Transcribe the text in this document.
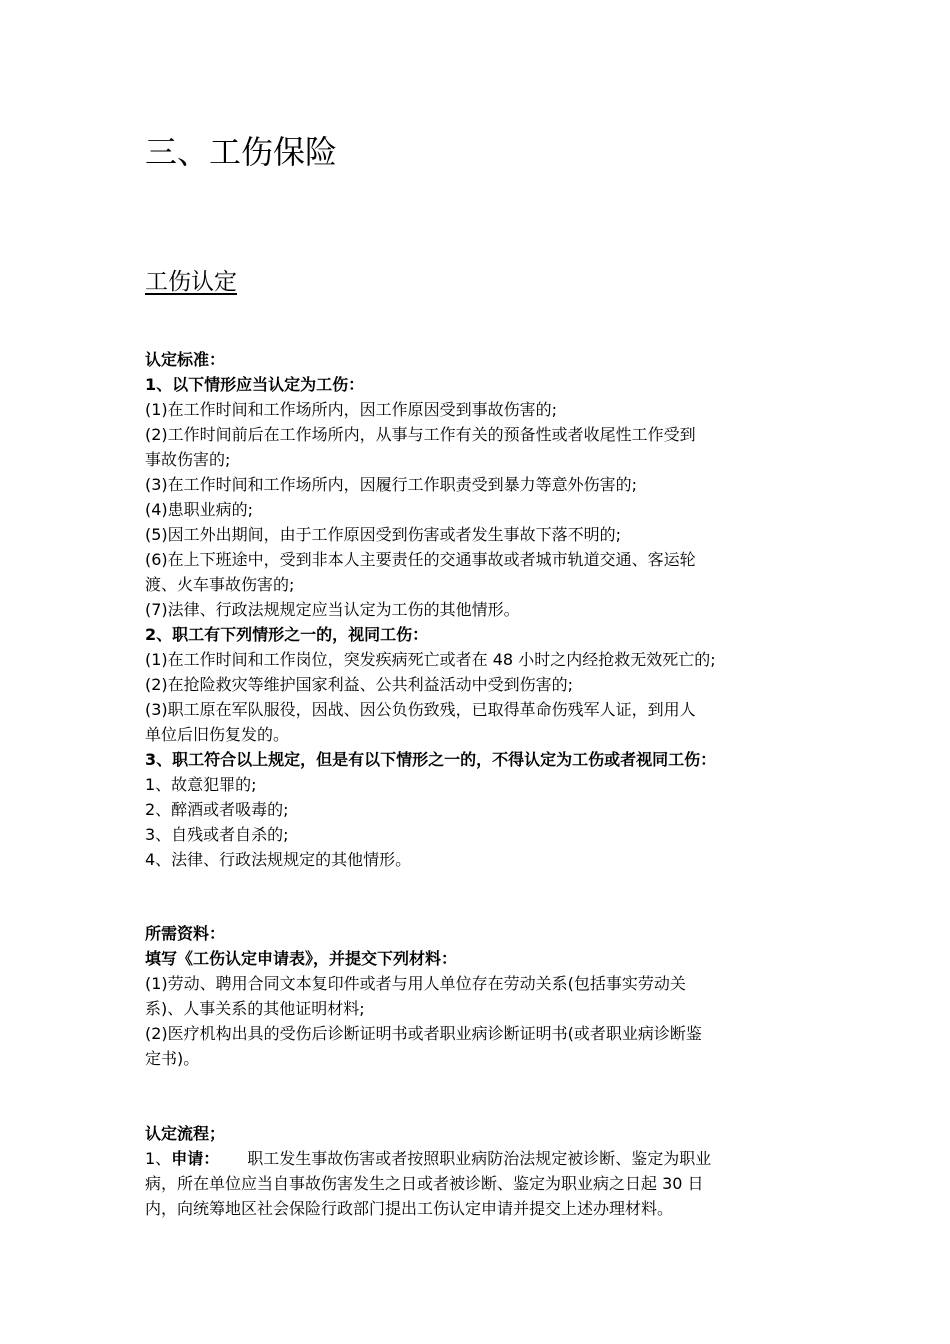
三、工伤保险
工伤认定
认定标准：
1、以下情形应当认定为工伤：
(1)在工作时间和工作场所内，因工作原因受到事故伤害的;
(2)工作时间前后在工作场所内，从事与工作有关的预备性或者收尾性工作受到
事故伤害的;
(3)在工作时间和工作场所内，因履行工作职责受到暴力等意外伤害的;
(4)患职业病的;
(5)因工外出期间，由于工作原因受到伤害或者发生事故下落不明的;
(6)在上下班途中，受到非本人主要责任的交通事故或者城市轨道交通、客运轮
渡、火车事故伤害的;
(7)法律、行政法规规定应当认定为工伤的其他情形。
2、职工有下列情形之一的，视同工伤：
(1)在工作时间和工作岗位，突发疾病死亡或者在 48 小时之内经抢救无效死亡的;
(2)在抢险救灾等维护国家利益、公共利益活动中受到伤害的;
(3)职工原在军队服役，因战、因公负伤致残，已取得革命伤残军人证，到用人
单位后旧伤复发的。
3、职工符合以上规定，但是有以下情形之一的，不得认定为工伤或者视同工伤：
1、故意犯罪的;
2、醉酒或者吸毒的;
3、自残或者自杀的;
4、法律、行政法规规定的其他情形。
所需资料：
填写《工伤认定申请表》，并提交下列材料：
(1)劳动、聘用合同文本复印件或者与用人单位存在劳动关系(包括事实劳动关
系)、人事关系的其他证明材料;
(2)医疗机构出具的受伤后诊断证明书或者职业病诊断证明书(或者职业病诊断鉴
定书)。
认定流程；
1、申请： 职工发生事故伤害或者按照职业病防治法规定被诊断、鉴定为职业
病，所在单位应当自事故伤害发生之日或者被诊断、鉴定为职业病之日起 30 日
内，向统筹地区社会保险行政部门提出工伤认定申请并提交上述办理材料。
